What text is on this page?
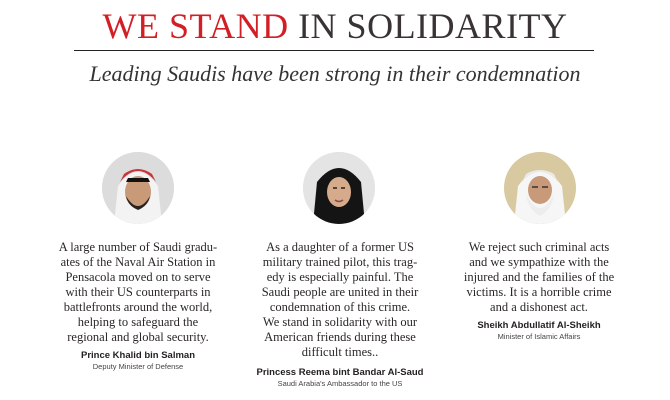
WE STAND IN SOLIDARITY
Leading Saudis have been strong in their condemnation
A large number of Saudi gradu-
ates of the Naval Air Station in
Pensacola moved on to serve
with their US counterparts in
battlefronts around the world,
helping to safeguard the
regional and global security.
Prince Khalid bin Salman
Deputy Minister of Defense
As a daughter of a former US
military trained pilot, this trag-
edy is especially painful. The
Saudi people are united in their
condemnation of this crime.
We stand in solidarity with our
American friends during these
difficult times..
Princess Reema bint Bandar Al-Saud
Saudi Arabia's Ambassador to the US
We reject such criminal acts
and we sympathize with the
injured and the families of the
victims. It is a horrible crime
and a dishonest act.
Sheikh Abdullatif Al-Sheikh
Minister of Islamic Affairs
